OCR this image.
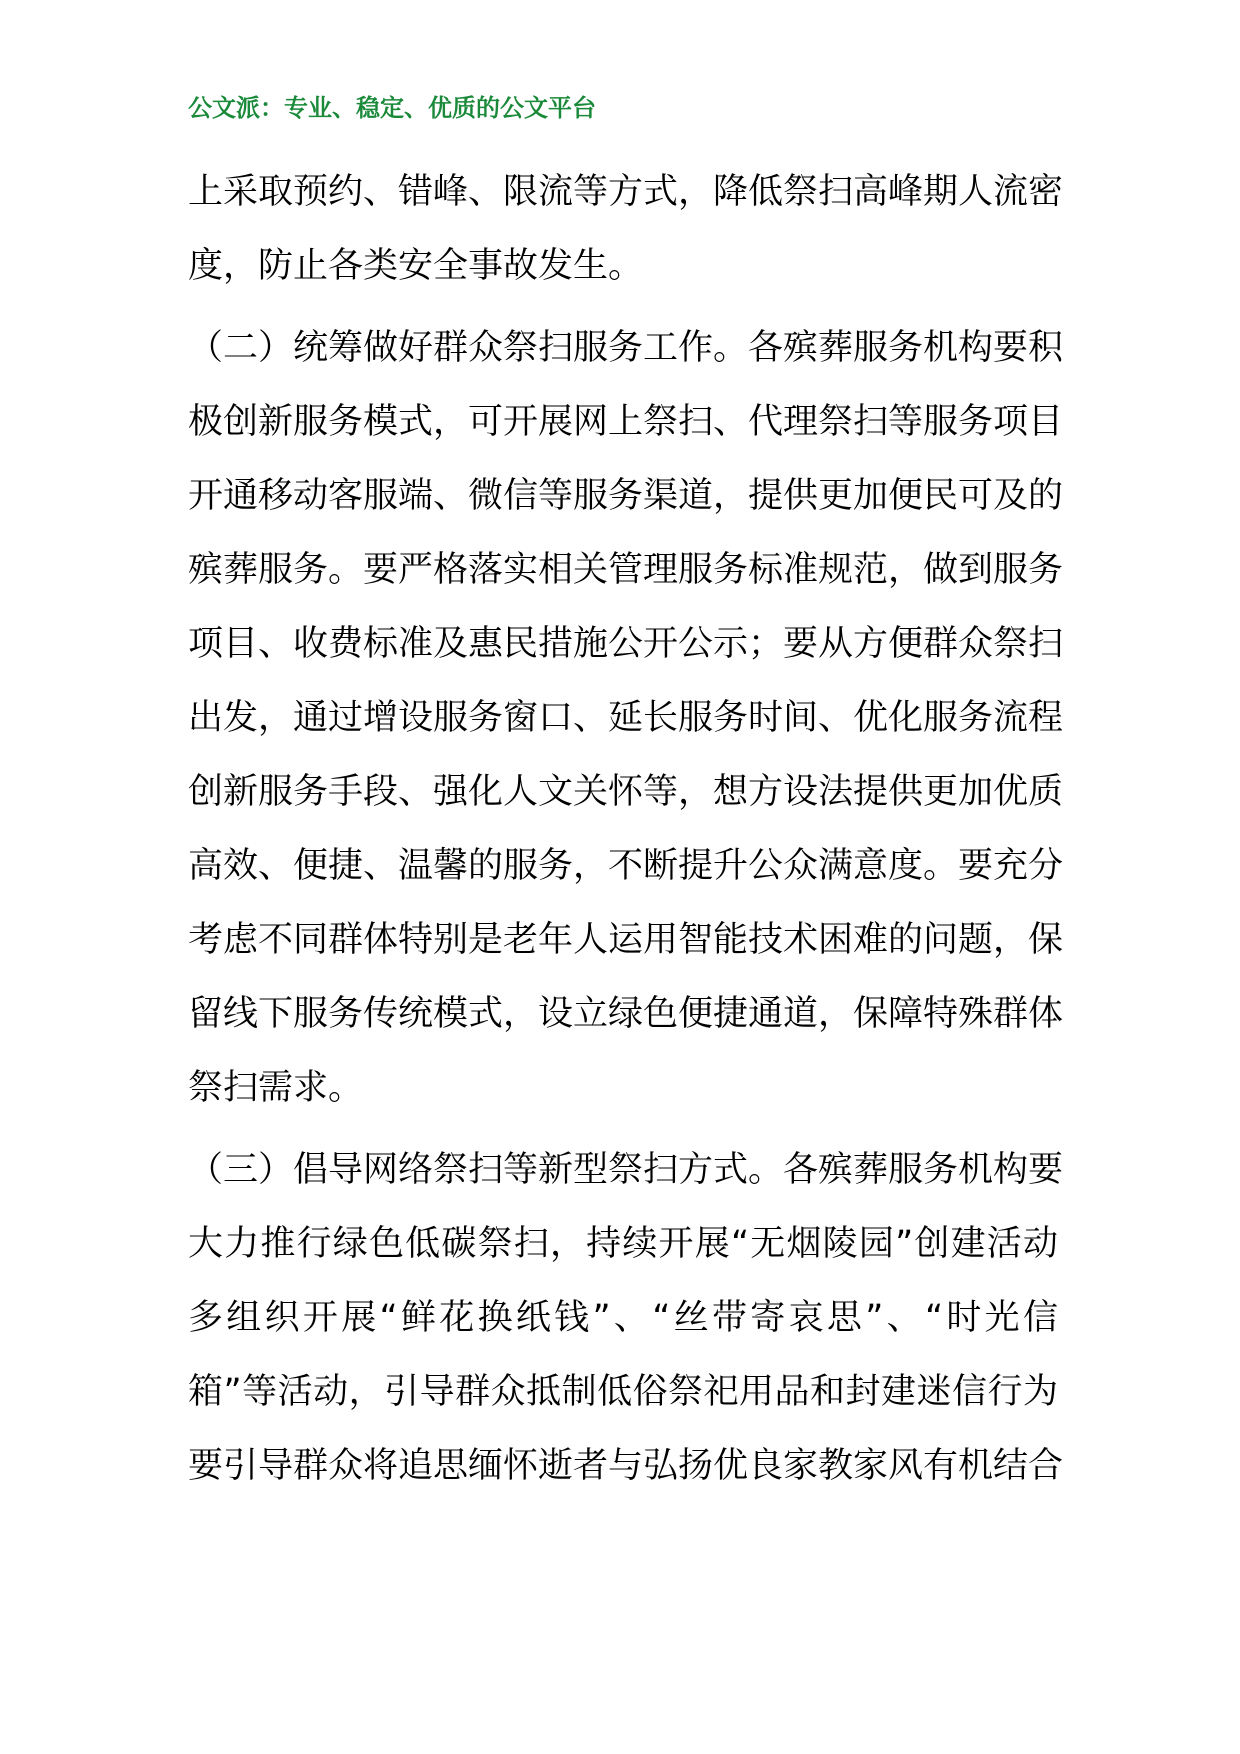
公文派：专业、稳定、优质的公文平台
上采取预约、错峰、限流等方式，降低祭扫高峰期人流密
度，防止各类安全事故发生。
（二）统筹做好群众祭扫服务工作。各殡葬服务机构要积
极创新服务模式，可开展网上祭扫、代理祭扫等服务项目
开通移动客服端、微信等服务渠道，提供更加便民可及的
殡葬服务。要严格落实相关管理服务标准规范，做到服务
项目、收费标准及惠民措施公开公示；要从方便群众祭扫
出发，通过增设服务窗口、延长服务时间、优化服务流程
创新服务手段、强化人文关怀等，想方设法提供更加优质
高效、便捷、温馨的服务，不断提升公众满意度。要充分
考虑不同群体特别是老年人运用智能技术困难的问题，保
留线下服务传统模式，设立绿色便捷通道，保障特殊群体
祭扫需求。
（三）倡导网络祭扫等新型祭扫方式。各殡葬服务机构要
大力推行绿色低碳祭扫，持续开展“无烟陵园”创建活动
多组织开展“鲜花换纸钱”、“丝带寄哀思”、“时光信
箱”等活动，引导群众抵制低俗祭祀用品和封建迷信行为
要引导群众将追思缅怀逝者与弘扬优良家教家风有机结合
